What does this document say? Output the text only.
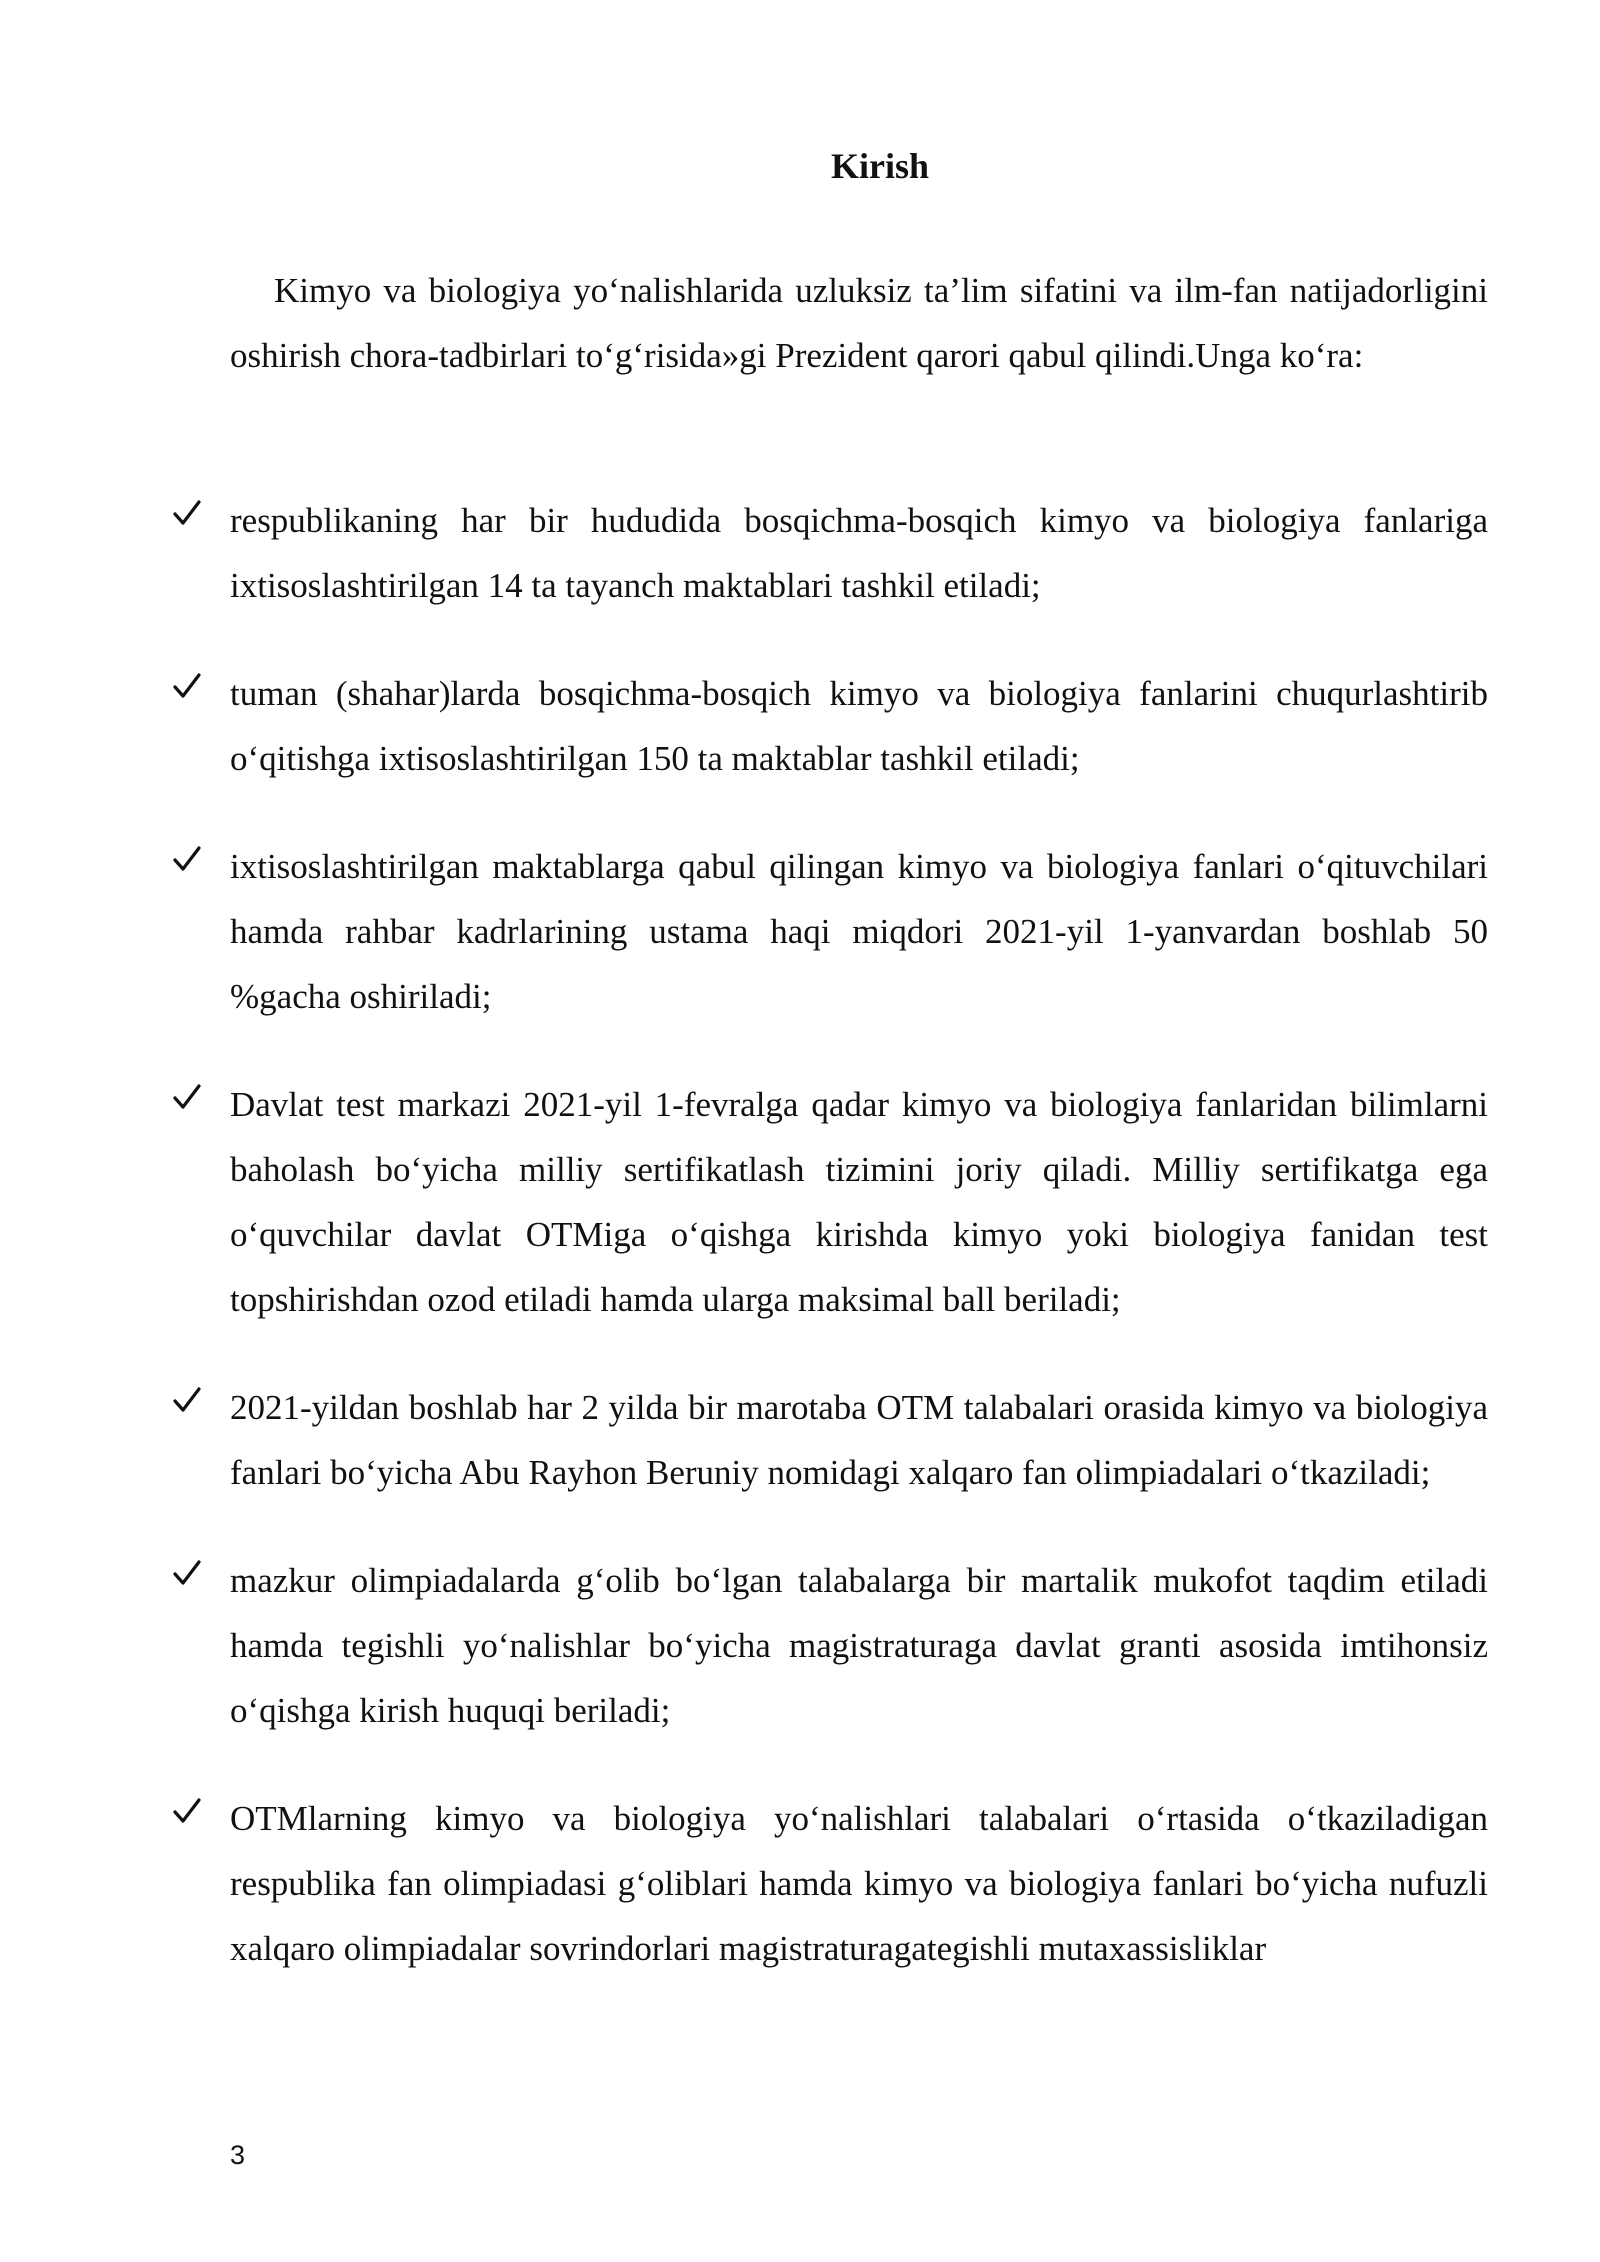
Kirish

Kimyo va biologiya yo‘nalishlarida uzluksiz ta’lim sifatini va ilm-fan natijadorligini oshirish chora-tadbirlari to‘g‘risida»gi Prezident qarori qabul qilindi.Unga ko‘ra:

respublikaning har bir hududida bosqichma-bosqich kimyo va biologiya fanlariga ixtisoslashtirilgan 14 ta tayanch maktablari tashkil etiladi;
tuman (shahar)larda bosqichma-bosqich kimyo va biologiya fanlarini chuqurlashtirib o‘qitishga ixtisoslashtirilgan 150 ta maktablar tashkil etiladi;
ixtisoslashtirilgan maktablarga qabul qilingan kimyo va biologiya fanlari o‘qituvchilari hamda rahbar kadrlarining ustama haqi miqdori 2021-yil 1-yanvardan boshlab 50 %gacha oshiriladi;
Davlat test markazi 2021-yil 1-fevralga qadar kimyo va biologiya fanlaridan bilimlarni baholash bo‘yicha milliy sertifikatlash tizimini joriy qiladi. Milliy sertifikatga ega o‘quvchilar davlat OTMiga o‘qishga kirishda kimyo yoki biologiya fanidan test topshirishdan ozod etiladi hamda ularga maksimal ball beriladi;
2021-yildan boshlab har 2 yilda bir marotaba OTM talabalari orasida kimyo va biologiya fanlari bo‘yicha Abu Rayhon Beruniy nomidagi xalqaro fan olimpiadalari o‘tkaziladi;
mazkur olimpiadalarda g‘olib bo‘lgan talabalarga bir martalik mukofot taqdim etiladi hamda tegishli yo‘nalishlar bo‘yicha magistraturaga davlat granti asosida imtihonsiz o‘qishga kirish huquqi beriladi;
OTMlarning kimyo va biologiya yo‘nalishlari talabalari o‘rtasida o‘tkaziladigan respublika fan olimpiadasi g‘oliblari hamda kimyo va biologiya fanlari bo‘yicha nufuzli xalqaro olimpiadalar sovrindorlari magistraturagategishli mutaxassisliklar
3
